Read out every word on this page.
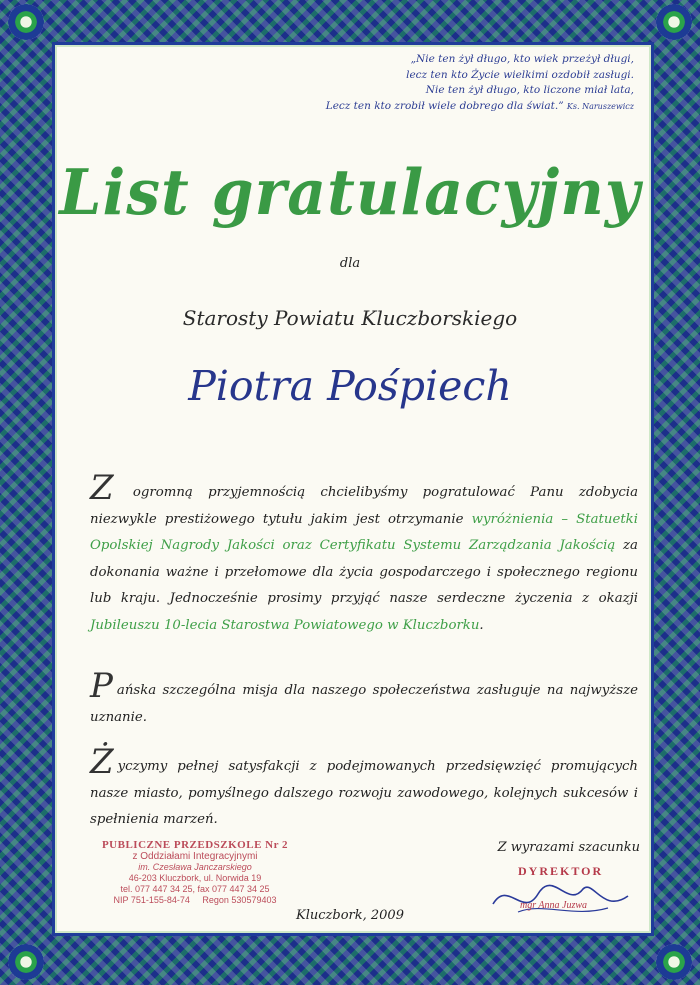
„Nie ten żył długo, kto wiek przeżył długi,
lecz ten kto Życie wielkimi ozdobił zasługi.
Nie ten żył długo, kto liczone miał lata,
Lecz ten kto zrobił wiele dobrego dla świat.” Ks. Naruszewicz
List gratulacyjny
dla
Starosty Powiatu Kluczborskiego
Piotra Pośpiech
Z ogromną przyjemnością chcielibyśmy pogratulować Panu zdobycia niezwykle prestiżowego tytułu jakim jest otrzymanie wyróżnienia – Statuetki Opolskiej Nagrody Jakości oraz Certyfikatu Systemu Zarządzania Jakością za dokonania ważne i przełomowe dla życia gospodarczego i społecznego regionu lub kraju. Jednocześnie prosimy przyjąć nasze serdeczne życzenia z okazji Jubileuszu 10-lecia Starostwa Powiatowego w Kluczborku.
Pańska szczególna misja dla naszego społeczeństwa zasługuje na najwyższe uznanie.
Życzymy pełnej satysfakcji z podejmowanych przedsięwzięć promujących nasze miasto, pomyślnego dalszego rozwoju zawodowego, kolejnych sukcesów i spełnienia marzeń.
PUBLICZNE PRZEDSZKOLE Nr 2
z Oddziałami Integracyjnymi
im. Czesława Janczarskiego
46-203 Kluczbork, ul. Norwida 19
tel. 077 447 34 25, fax 077 447 34 25
NIP 751-155-84-74     Regon 530579403
Z wyrazami szacunku
DYREKTOR
mgr Anna Juzwa
Kluczbork, 2009
